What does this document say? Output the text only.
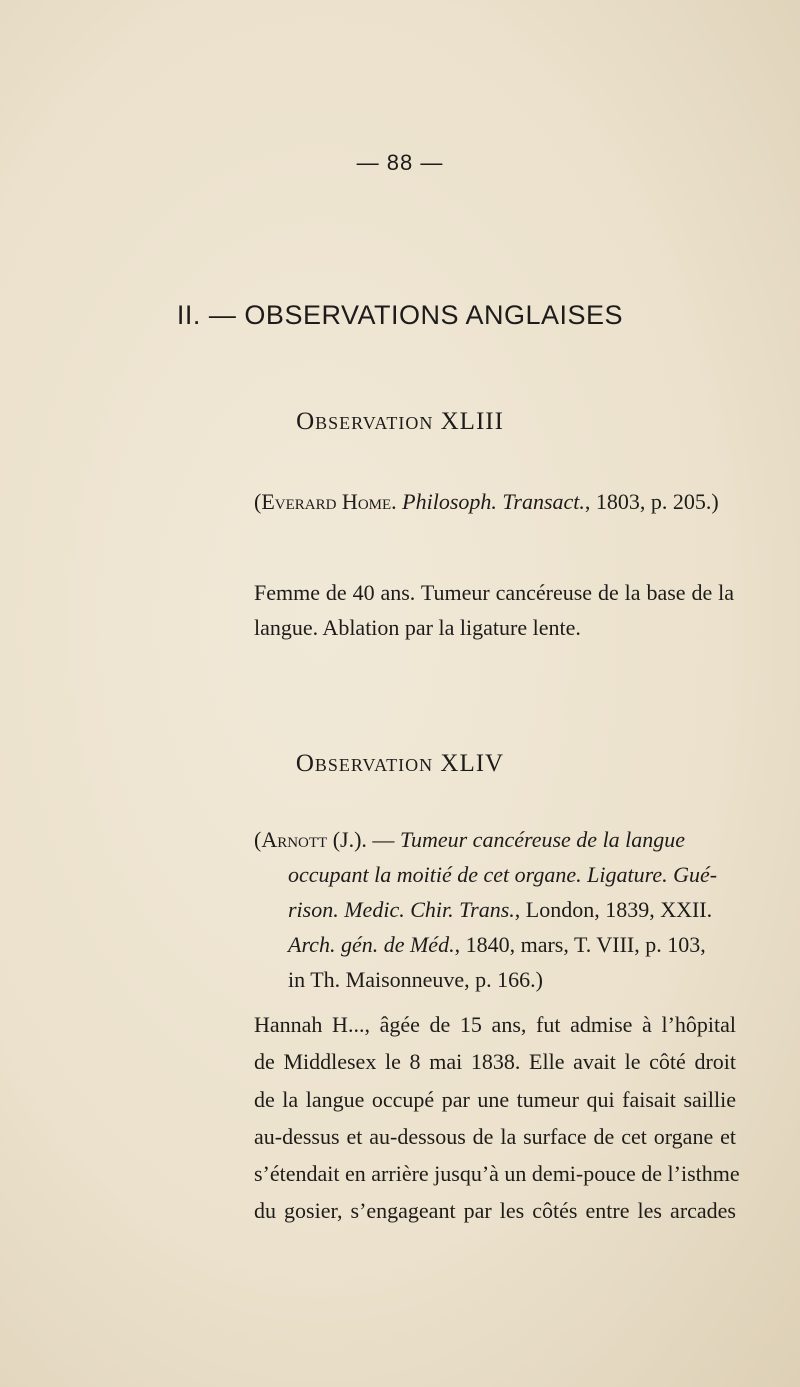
— 88 —
II. — OBSERVATIONS ANGLAISES
Observation XLIII
(Everard Home. Philosoph. Transact., 1803, p. 205.)

Femme de 40 ans. Tumeur cancéreuse de la base de la langue. Ablation par la ligature lente.

Observation XLIV
(Arnott (J.). — Tumeur cancéreuse de la langue
occupant la moitié de cet organe. Ligature. Gué-
rison. Medic. Chir. Trans., London, 1839, XXII.
Arch. gén. de Méd., 1840, mars, T. VIII, p. 103,
in Th. Maisonneuve, p. 166.)
Hannah H..., âgée de 15 ans, fut admise à l’hôpital
de Middlesex le 8 mai 1838. Elle avait le côté droit
de la langue occupé par une tumeur qui faisait saillie
au-dessus et au-dessous de la surface de cet organe et
s’étendait en arrière jusqu’à un demi-pouce de l’isthme
du gosier, s’engageant par les côtés entre les arcades
